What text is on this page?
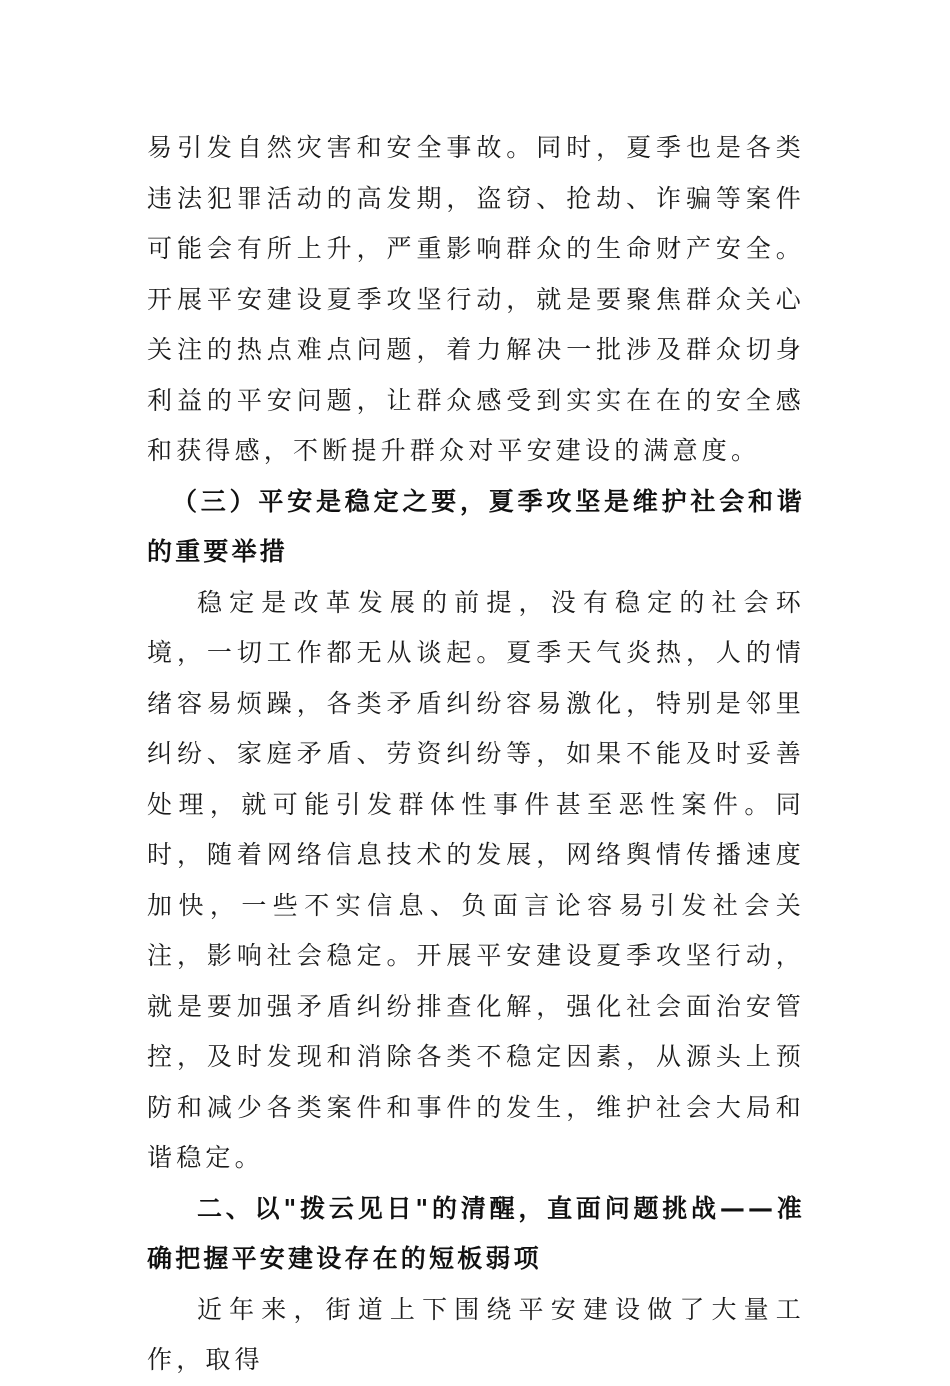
易引发自然灾害和安全事故。同时，夏季也是各类违法犯罪活动的高发期，盗窃、抢劫、诈骗等案件可能会有所上升，严重影响群众的生命财产安全。开展平安建设夏季攻坚行动，就是要聚焦群众关心关注的热点难点问题，着力解决一批涉及群众切身利益的平安问题，让群众感受到实实在在的安全感和获得感，不断提升群众对平安建设的满意度。

（三）平安是稳定之要，夏季攻坚是维护社会和谐的重要举措

稳定是改革发展的前提，没有稳定的社会环境，一切工作都无从谈起。夏季天气炎热，人的情绪容易烦躁，各类矛盾纠纷容易激化，特别是邻里纠纷、家庭矛盾、劳资纠纷等，如果不能及时妥善处理，就可能引发群体性事件甚至恶性案件。同时，随着网络信息技术的发展，网络舆情传播速度加快，一些不实信息、负面言论容易引发社会关注，影响社会稳定。开展平安建设夏季攻坚行动，就是要加强矛盾纠纷排查化解，强化社会面治安管控，及时发现和消除各类不稳定因素，从源头上预防和减少各类案件和事件的发生，维护社会大局和谐稳定。

二、以"拨云见日"的清醒，直面问题挑战——准确把握平安建设存在的短板弱项

近年来，街道上下围绕平安建设做了大量工作，取得
